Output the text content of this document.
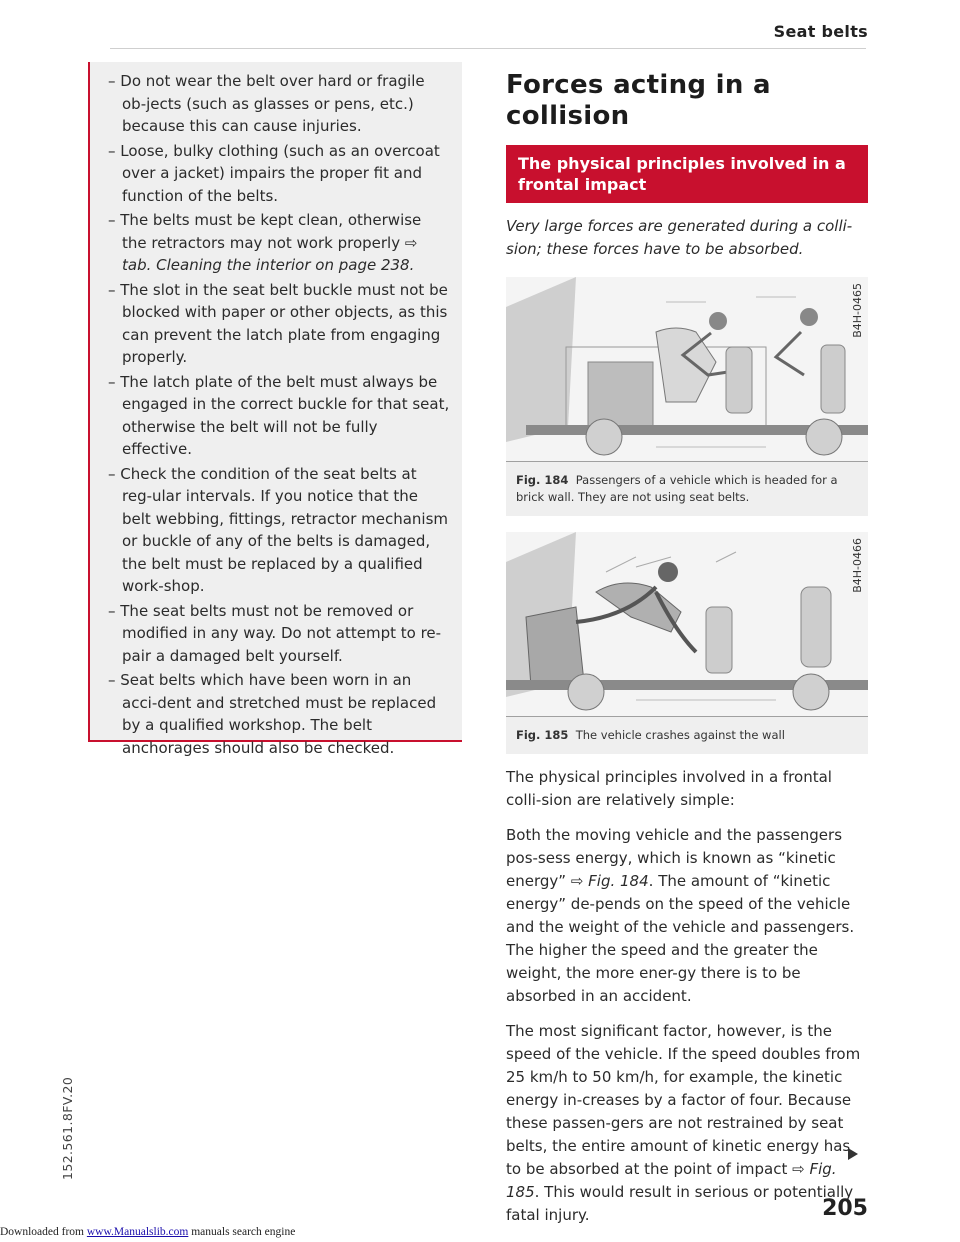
Seat belts
– Do not wear the belt over hard or fragile ob-jects (such as glasses or pens, etc.) because this can cause injuries.
– Loose, bulky clothing (such as an overcoat over a jacket) impairs the proper fit and function of the belts.
– The belts must be kept clean, otherwise the retractors may not work properly ⇨ tab. Cleaning the interior on page 238.
– The slot in the seat belt buckle must not be blocked with paper or other objects, as this can prevent the latch plate from engaging properly.
– The latch plate of the belt must always be engaged in the correct buckle for that seat, otherwise the belt will not be fully effective.
– Check the condition of the seat belts at reg-ular intervals. If you notice that the belt webbing, fittings, retractor mechanism or buckle of any of the belts is damaged, the belt must be replaced by a qualified work-shop.
– The seat belts must not be removed or modified in any way. Do not attempt to re-pair a damaged belt yourself.
– Seat belts which have been worn in an acci-dent and stretched must be replaced by a qualified workshop. The belt anchorages should also be checked.
152.561.8FV.20
Forces acting in a collision
The physical principles involved in a frontal impact
Very large forces are generated during a colli-sion; these forces have to be absorbed.
B4H-0465
Fig. 184 Passengers of a vehicle which is headed for a brick wall. They are not using seat belts.
B4H-0466
Fig. 185 The vehicle crashes against the wall

The physical principles involved in a frontal colli-sion are relatively simple:

Both the moving vehicle and the passengers pos-sess energy, which is known as “kinetic energy” ⇨ Fig. 184. The amount of “kinetic energy” de-pends on the speed of the vehicle and the weight of the vehicle and passengers. The higher the speed and the greater the weight, the more ener-gy there is to be absorbed in an accident.

The most significant factor, however, is the speed of the vehicle. If the speed doubles from 25 km/h to 50 km/h, for example, the kinetic energy in-creases by a factor of four. Because these passen-gers are not restrained by seat belts, the entire amount of kinetic energy has to be absorbed at the point of impact ⇨ Fig. 185. This would result in serious or potentially fatal injury.	205
Downloaded from www.Manualslib.com manuals search engine
